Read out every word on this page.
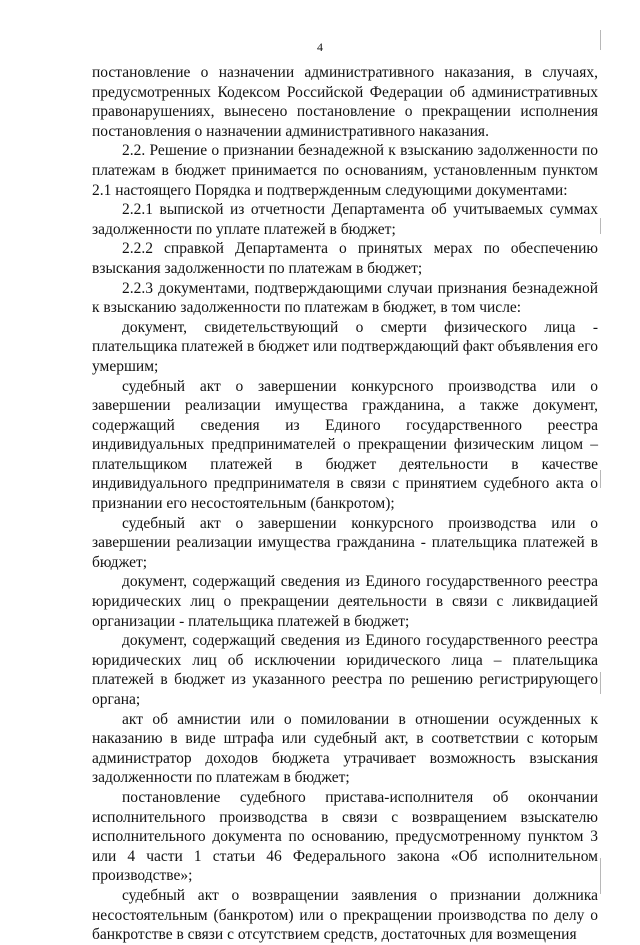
4

постановление о назначении административного наказания, в случаях, предусмотренных Кодексом Российской Федерации об административных правонарушениях, вынесено постановление о прекращении исполнения постановления о назначении административного наказания.

2.2. Решение о признании безнадежной к взысканию задолженности по платежам в бюджет принимается по основаниям, установленным пунктом 2.1 настоящего Порядка и подтвержденным следующими документами:

2.2.1 выпиской из отчетности Департамента об учитываемых суммах задолженности по уплате платежей в бюджет;

2.2.2 справкой Департамента о принятых мерах по обеспечению взыскания задолженности по платежам в бюджет;

2.2.3 документами, подтверждающими случаи признания безнадежной к взысканию задолженности по платежам в бюджет, в том числе:

документ, свидетельствующий о смерти физического лица - плательщика платежей в бюджет или подтверждающий факт объявления его умершим;

судебный акт о завершении конкурсного производства или о завершении реализации имущества гражданина, а также документ, содержащий сведения из Единого государственного реестра индивидуальных предпринимателей о прекращении физическим лицом – плательщиком платежей в бюджет деятельности в качестве индивидуального предпринимателя в связи с принятием судебного акта о признании его несостоятельным (банкротом);

судебный акт о завершении конкурсного производства или о завершении реализации имущества гражданина - плательщика платежей в бюджет;

документ, содержащий сведения из Единого государственного реестра юридических лиц о прекращении деятельности в связи с ликвидацией организации - плательщика платежей в бюджет;

документ, содержащий сведения из Единого государственного реестра юридических лиц об исключении юридического лица – плательщика платежей в бюджет из указанного реестра по решению регистрирующего органа;

акт об амнистии или о помиловании в отношении осужденных к наказанию в виде штрафа или судебный акт, в соответствии с которым администратор доходов бюджета утрачивает возможность взыскания задолженности по платежам в бюджет;

постановление судебного пристава-исполнителя об окончании исполнительного производства в связи с возвращением взыскателю исполнительного документа по основанию, предусмотренному пунктом 3 или 4 части 1 статьи 46 Федерального закона «Об исполнительном производстве»;

судебный акт о возвращении заявления о признании должника несостоятельным (банкротом) или о прекращении производства по делу о банкротстве в связи с отсутствием средств, достаточных для возмещения
